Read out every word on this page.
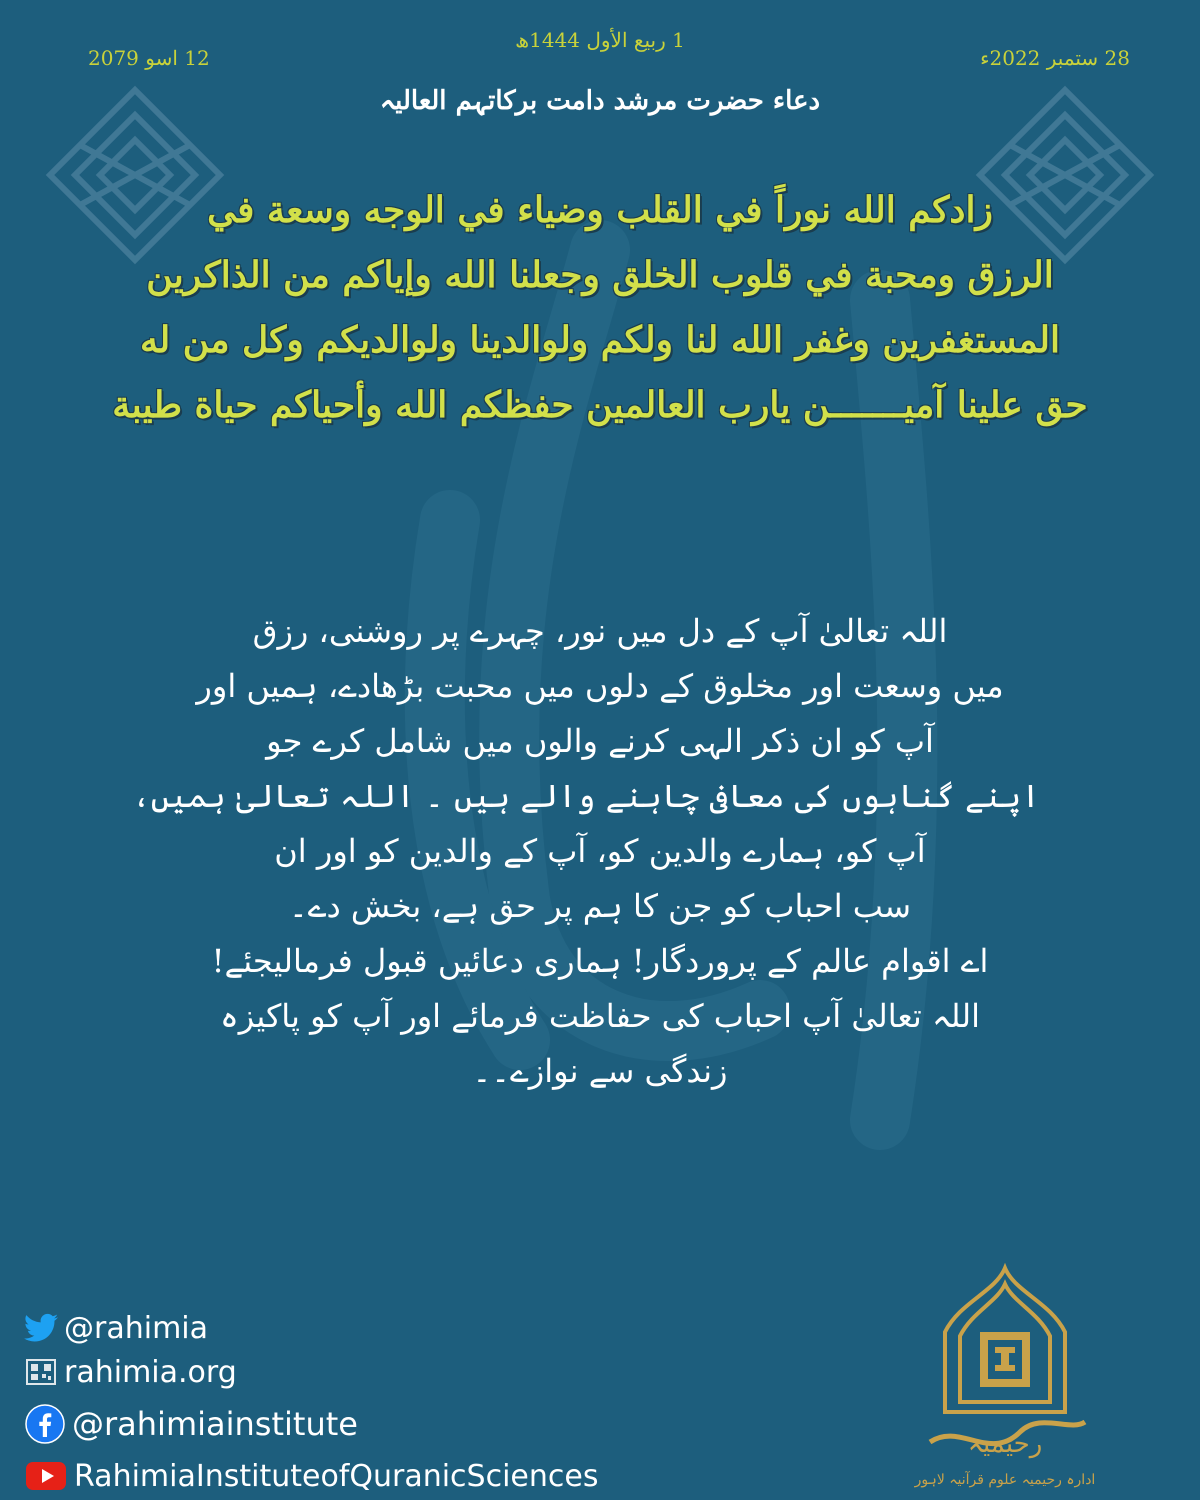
1 ربیع الأول 1444ھ
28 ستمبر 2022ء
12 اسو 2079
دعاء حضرت مرشد دامت برکاتہم العالیہ
زادكم الله نوراً في القلب وضياء في الوجه وسعة في
الرزق ومحبة في قلوب الخلق وجعلنا الله وإياكم من الذاكرين
المستغفرين وغفر الله لنا ولكم ولوالدينا ولوالديكم وكل من له
حق علينا آميـــــــن يارب العالمين حفظكم الله وأحياكم حياة طيبة
اللہ تعالیٰ آپ کے دل میں نور، چہرے پر روشنی، رزق
میں وسعت اور مخلوق کے دلوں میں محبت بڑھادے، ہمیں اور
آپ کو ان ذکر الہی کرنے والوں میں شامل کرے جو
اپنے گناہوں کی معافی چاہنے والے ہیں ۔ اللہ تعالیٰ ہمیں،
آپ کو، ہمارے والدین کو، آپ کے والدین کو اور ان
سب احباب کو جن کا ہم پر حق ہے، بخش دے۔
اے اقوام عالم کے پروردگار! ہماری دعائیں قبول فرمالیجئے!
اللہ تعالیٰ آپ احباب کی حفاظت فرمائے اور آپ کو پاکیزہ
زندگی سے نوازے۔۔
@rahimia
rahimia.org
@rahimiainstitute
RahimiaInstituteofQuranicSciences
رحیمیہ
ادارہ رحیمیہ علوم قرآنیہ لاہور
